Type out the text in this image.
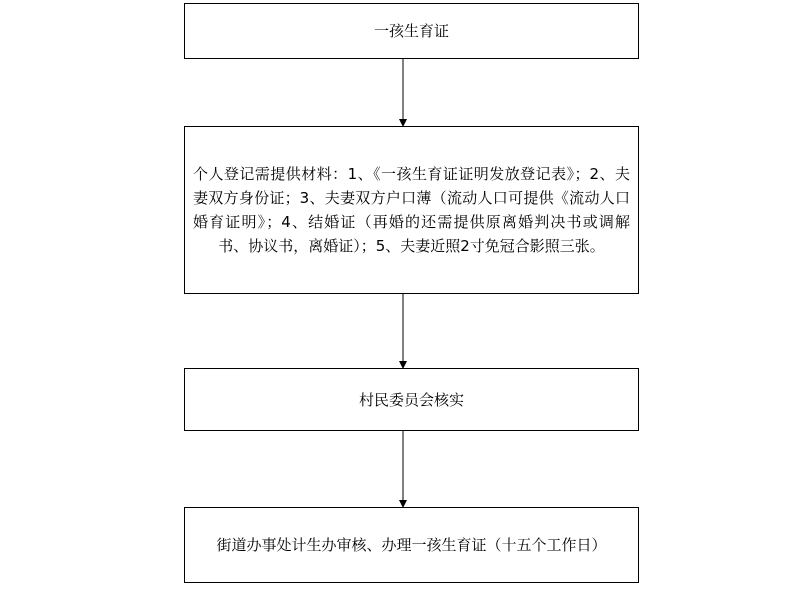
一孩生育证
个人登记需提供材料：1、《一孩生育证证明发放登记表》；2、夫妻双方身份证；3、夫妻双方户口薄（流动人口可提供《流动人口婚育证明》；4、结婚证（再婚的还需提供原离婚判决书或调解书、协议书，离婚证）；5、夫妻近照2寸免冠合影照三张。
村民委员会核实
街道办事处计生办审核、办理一孩生育证（十五个工作日）
